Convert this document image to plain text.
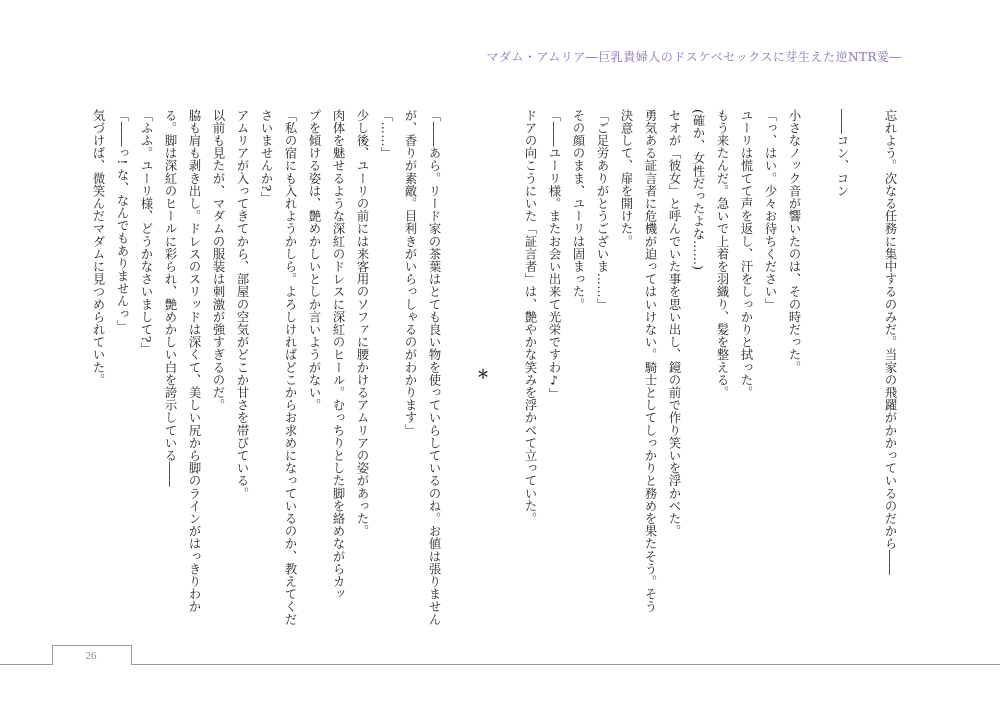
マダム・アムリア―巨乳貴婦人のドスケベセックスに芽生えた逆NTR愛―

忘れよう。次なる任務に集中するのみだ。当家の飛躍がかかっているのだから――

――コン、コン

小さなノック音が響いたのは、その時だった。

「っ、はい。少々お待ちください」

ユーリは慌てて声を返し、汗をしっかりと拭った。

もう来たんだ。急いで上着を羽織り、髪を整える。

(確か、女性だったよな……)

セオが「彼女」と呼んでいた事を思い出し、鏡の前で作り笑いを浮かべた。

勇気ある証言者に危機が迫ってはいけない。騎士としてしっかりと務めを果たそう。そう

決意して、扉を開けた。

「ご足労ありがとうございま……」

その顔のまま、ユーリは固まった。

「――ユーリ様。またお会い出来て光栄ですわ♪」

ドアの向こうにいた「証言者」は、艶やかな笑みを浮かべて立っていた。

＊

「――あら。リード家の茶葉はとても良い物を使っていらしているのね。お値は張りません

が、香りが素敵。目利きがいらっしゃるのがわかります」

「……」

少し後、ユーリの前には来客用のソファに腰かけるアムリアの姿があった。

肉体を魅せるような深紅のドレスに深紅のヒール。むっちりとした脚を絡めながらカッ

プを傾ける姿は、艶めかしいとしか言いようがない。

「私の宿にも入れようかしら。よろしければどこからお求めになっているのか、教えてくだ

さいませんか?」

アムリアが入ってきてから、部屋の空気がどこか甘さを帯びている。

以前も見たが、マダムの服装は刺激が強すぎるのだ。

脇も肩も剥き出し。ドレスのスリッドは深くて、美しい尻から脚のラインがはっきりわか

る。脚は深紅のヒールに彩られ、艶めかしい白を誇示している――

「ふふ。ユーリ様、どうかなさいまして?」

「――っ! な、なんでもありませんっ」

気づけば、微笑んだマダムに見つめられていた。

26
